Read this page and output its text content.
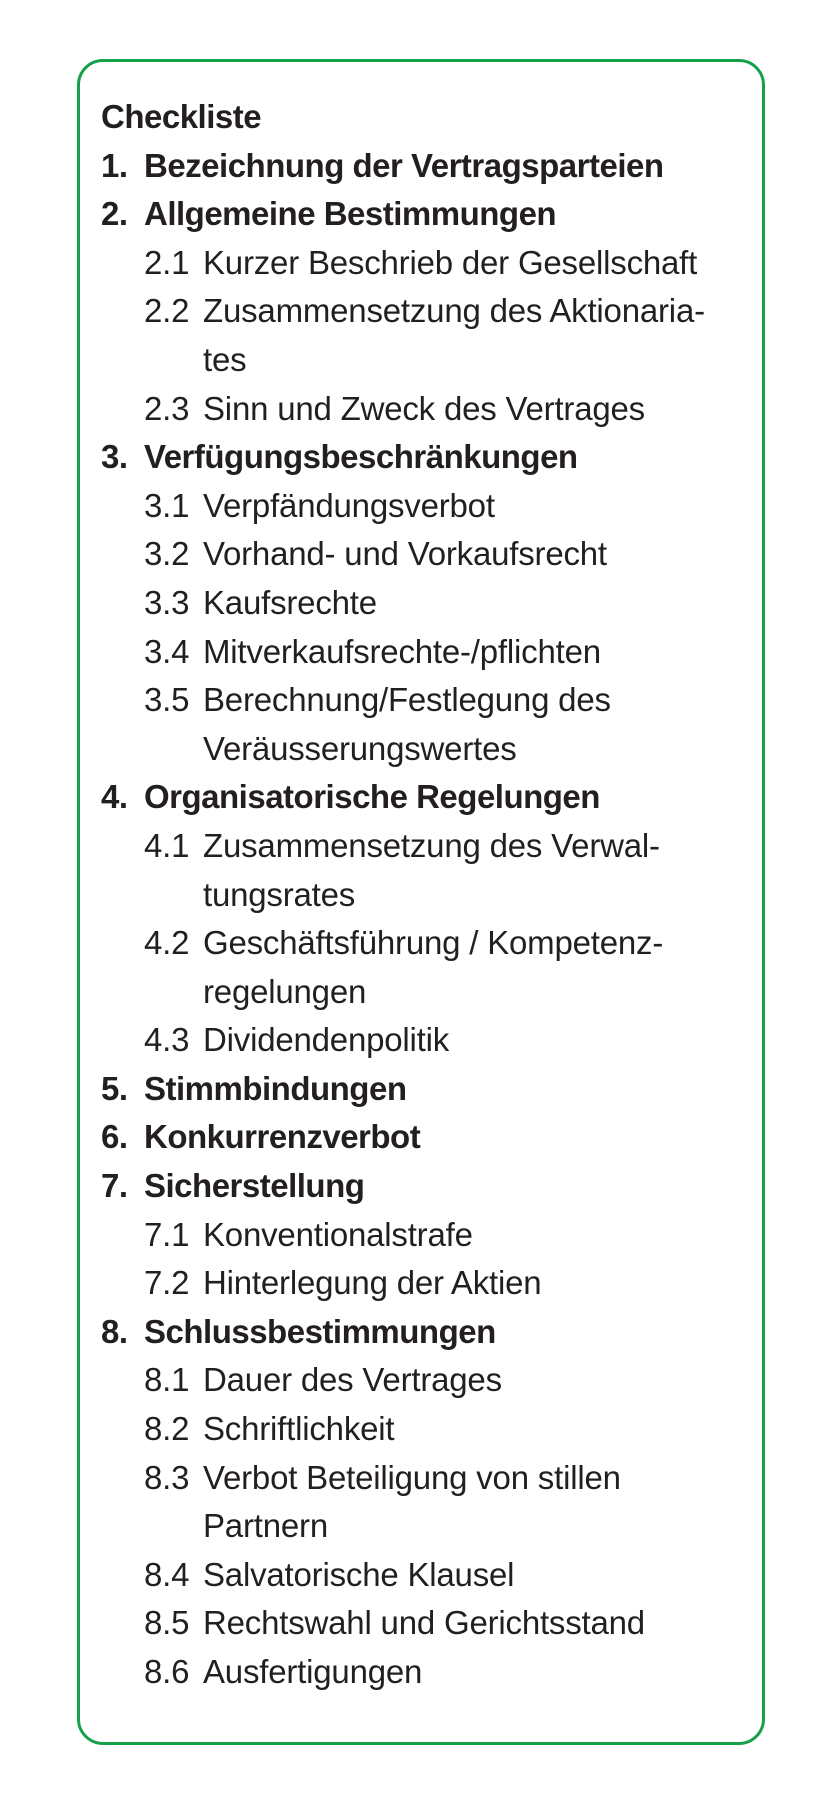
Checkliste
1. Bezeichnung der Vertragsparteien
2. Allgemeine Bestimmungen
2.1 Kurzer Beschrieb der Gesellschaft
2.2 Zusammensetzung des Aktionaria-
tes
2.3 Sinn und Zweck des Vertrages
3. Verfügungsbeschränkungen
3.1 Verpfändungsverbot
3.2 Vorhand- und Vorkaufsrecht
3.3 Kaufsrechte
3.4 Mitverkaufsrechte-/pflichten
3.5 Berechnung/Festlegung des
Veräusserungswertes
4. Organisatorische Regelungen
4.1 Zusammensetzung des Verwal-
tungsrates
4.2 Geschäftsführung / Kompetenz-
regelungen
4.3 Dividendenpolitik
5. Stimmbindungen
6. Konkurrenzverbot
7. Sicherstellung
7.1 Konventionalstrafe
7.2 Hinterlegung der Aktien
8. Schlussbestimmungen
8.1 Dauer des Vertrages
8.2 Schriftlichkeit
8.3 Verbot Beteiligung von stillen
Partnern
8.4 Salvatorische Klausel
8.5 Rechtswahl und Gerichtsstand
8.6 Ausfertigungen
